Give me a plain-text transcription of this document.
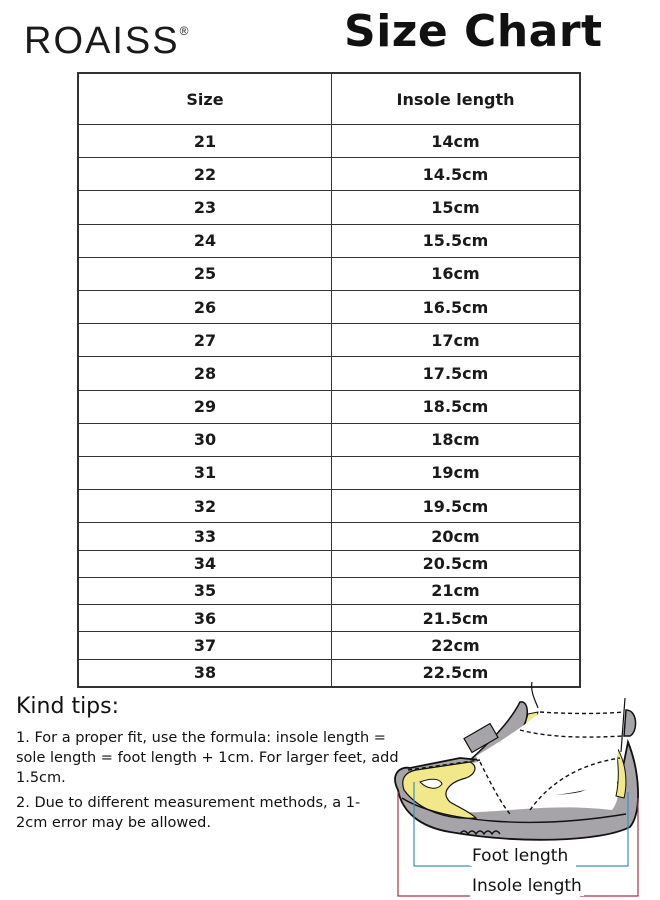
ROAISS®	Size Chart
Size	Insole length
21	14cm
22	14.5cm
23	15cm
24	15.5cm
25	16cm
26	16.5cm
27	17cm
28	17.5cm
29	18.5cm
30	18cm
31	19cm
32	19.5cm
33	20cm
34	20.5cm
35	21cm
36	21.5cm
37	22cm
38	22.5cm
Kind tips:
1. For a proper fit, use the formula: insole length = sole length = foot length + 1cm. For larger feet, add 1.5cm.
2. Due to different measurement methods, a 1-2cm error may be allowed.
Foot length
Insole length
